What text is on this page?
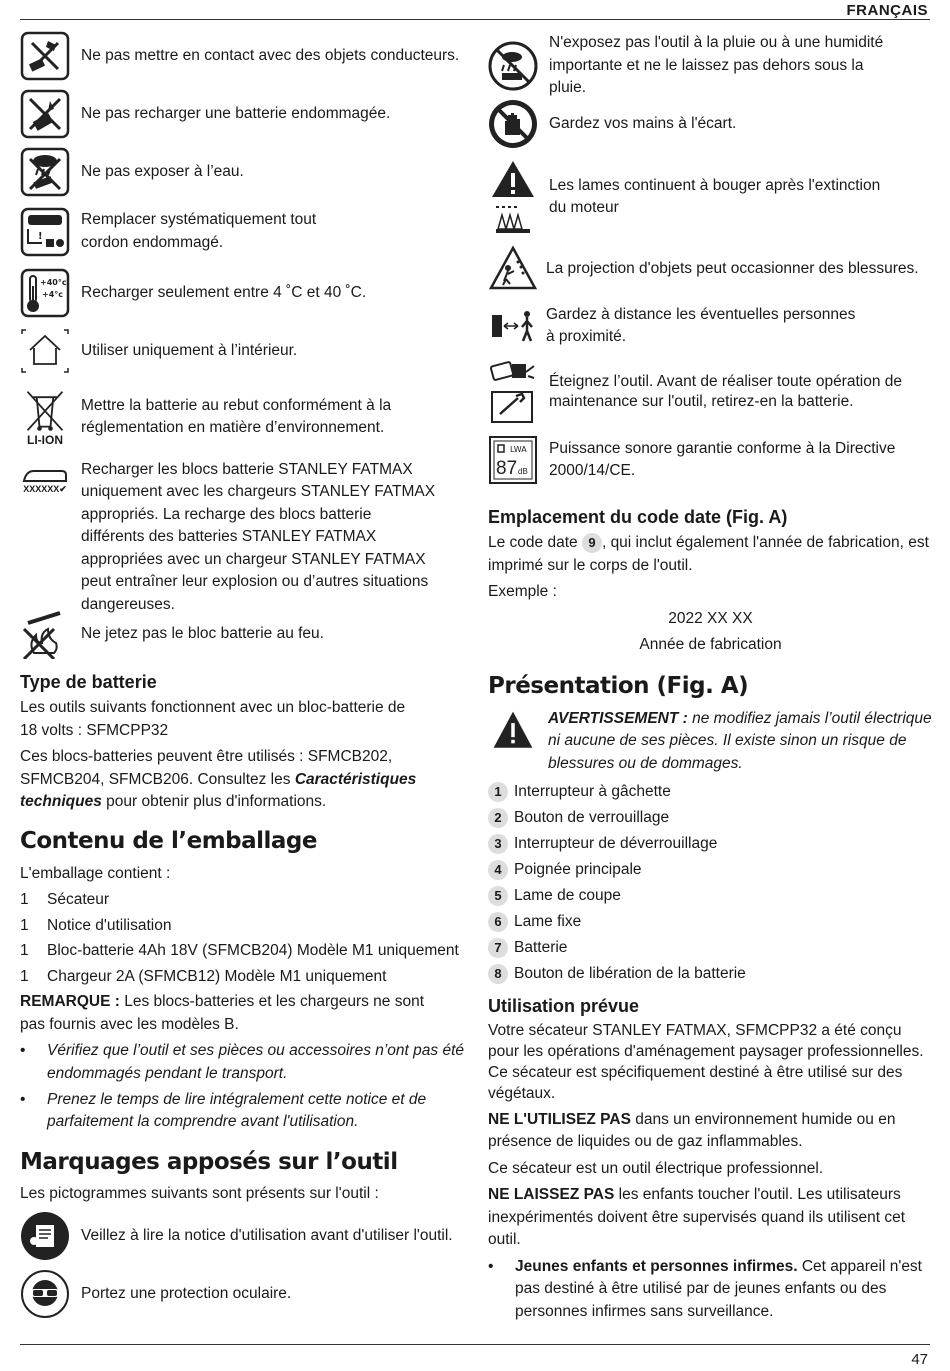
FRANÇAIS
Ne pas mettre en contact avec des objets conducteurs.
Ne pas recharger une batterie endommagée.
Ne pas exposer à l’eau.
!
Remplacer systématiquement tout cordon endommagé.
+40°c
+4°c Recharger seulement entre 4 ˚C et 40 ˚C.
Utiliser uniquement à l’intérieur.
LI-ION
Mettre la batterie au rebut conformément à la réglementation en matière d’environnement.
XXXXXX✔
Recharger les blocs batterie STANLEY FATMAX uniquement avec les chargeurs STANLEY FATMAX appropriés. La recharge des blocs batterie différents des batteries STANLEY FATMAX appropriées avec un chargeur STANLEY FATMAX peut entraîner leur explosion ou d’autres situations dangereuses.
Ne jetez pas le bloc batterie au feu.
Type de batterie

Les outils suivants fonctionnent avec un bloc-batterie de 18 volts : SFMCPP32

Ces blocs-batteries peuvent être utilisés : SFMCB202, SFMCB204, SFMCB206. Consultez les Caractéristiques techniques pour obtenir plus d'informations.

Contenu de l’emballage

L'emballage contient :

1	Sécateur
1	Notice d'utilisation
1	Bloc-batterie 4Ah 18V (SFMCB204) Modèle M1 uniquement
1	Chargeur 2A (SFMCB12) Modèle M1 uniquement

REMARQUE : Les blocs-batteries et les chargeurs ne sont pas fournis avec les modèles B.

•	Vérifiez que l’outil et ses pièces ou accessoires n’ont pas été endommagés pendant le transport.
•	Prenez le temps de lire intégralement cette notice et de parfaitement la comprendre avant l'utilisation.
Marquages apposés sur l’outil

Les pictogrammes suivants sont présents sur l'outil :

Veillez à lire la notice d'utilisation avant d'utiliser l'outil.
Portez une protection oculaire.
N'exposez pas l'outil à la pluie ou à une humidité importante et ne le laissez pas dehors sous la pluie.
Gardez vos mains à l'écart.
Les lames continuent à bouger après l'extinction du moteur
La projection d'objets peut occasionner des blessures.
Gardez à distance les éventuelles personnes à proximité.
Éteignez l’outil. Avant de réaliser toute opération de maintenance sur l'outil, retirez-en la batterie.
LWA
87 dB
Puissance sonore garantie conforme à la Directive 2000/14/CE.
Emplacement du code date (Fig. A)

Le code date 9 , qui inclut également l'année de fabrication, est imprimé sur le corps de l'outil.

Exemple :

2022 XX XX

Année de fabrication

Présentation (Fig. A)

AVERTISSEMENT : ne modifiez jamais l’outil électrique ni aucune de ses pièces. Il existe sinon un risque de blessures ou de dommages.

1 Interrupteur à gâchette
2 Bouton de verrouillage
3 Interrupteur de déverrouillage
4 Poignée principale
5 Lame de coupe
6 Lame fixe
7 Batterie
8 Bouton de libération de la batterie
Utilisation prévue

Votre sécateur STANLEY FATMAX, SFMCPP32 a été conçu pour les opérations d'aménagement paysager professionnelles. Ce sécateur est spécifiquement destiné à être utilisé sur des végétaux.

NE L'UTILISEZ PAS dans un environnement humide ou en présence de liquides ou de gaz inflammables.

Ce sécateur est un outil électrique professionnel.

NE LAISSEZ PAS les enfants toucher l'outil. Les utilisateurs inexpérimentés doivent être supervisés quand ils utilisent cet outil.

•	Jeunes enfants et personnes infirmes. Cet appareil n'est pas destiné à être utilisé par de jeunes enfants ou des personnes infirmes sans surveillance.
47
